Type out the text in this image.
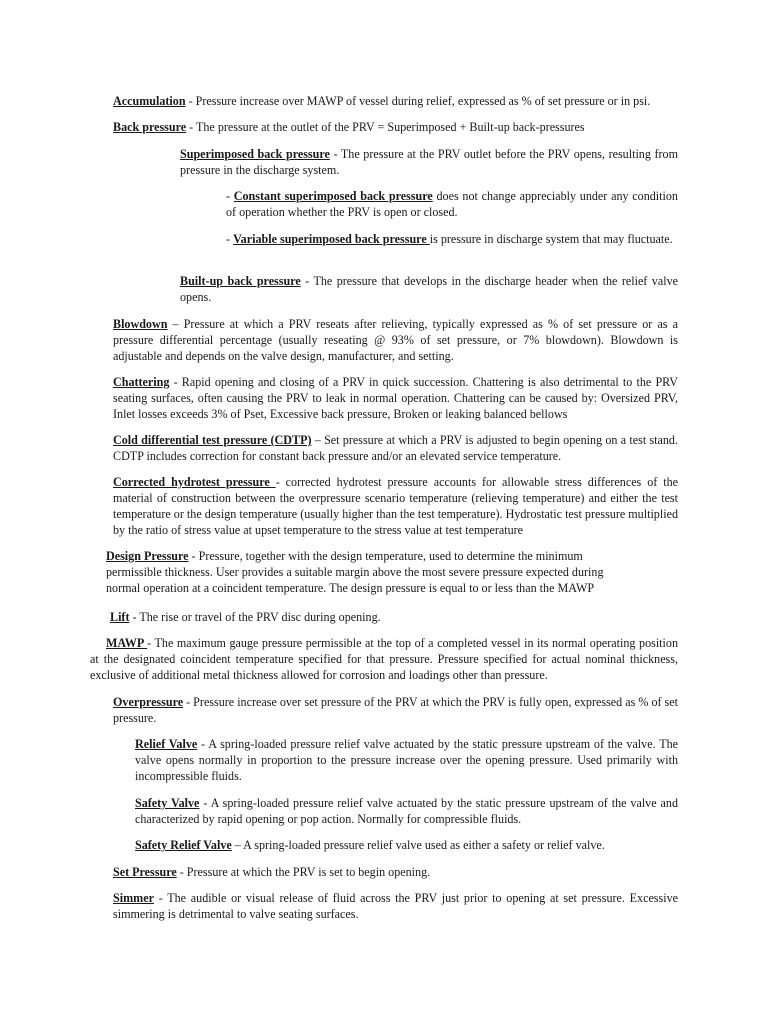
Accumulation - Pressure increase over MAWP of vessel during relief, expressed as % of set pressure or in psi.

Back pressure - The pressure at the outlet of the PRV = Superimposed + Built-up back-pressures

Superimposed back pressure - The pressure at the PRV outlet before the PRV opens, resulting from pressure in the discharge system.

- Constant superimposed back pressure does not change appreciably under any condition of operation whether the PRV is open or closed.

- Variable superimposed back pressure is pressure in discharge system that may fluctuate.

Built-up back pressure - The pressure that develops in the discharge header when the relief valve opens.

Blowdown – Pressure at which a PRV reseats after relieving, typically expressed as % of set pressure or as a pressure differential percentage (usually reseating @ 93% of set pressure, or 7% blowdown). Blowdown is adjustable and depends on the valve design, manufacturer, and setting.

Chattering - Rapid opening and closing of a PRV in quick succession. Chattering is also detrimental to the PRV seating surfaces, often causing the PRV to leak in normal operation. Chattering can be caused by: Oversized PRV, Inlet losses exceeds 3% of Pset, Excessive back pressure, Broken or leaking balanced bellows

Cold differential test pressure (CDTP) – Set pressure at which a PRV is adjusted to begin opening on a test stand. CDTP includes correction for constant back pressure and/or an elevated service temperature.

Corrected hydrotest pressure - corrected hydrotest pressure accounts for allowable stress differences of the material of construction between the overpressure scenario temperature (relieving temperature) and either the test temperature or the design temperature (usually higher than the test temperature). Hydrostatic test pressure multiplied by the ratio of stress value at upset temperature to the stress value at test temperature

Design Pressure - Pressure, together with the design temperature, used to determine the minimum permissible thickness. User provides a suitable margin above the most severe pressure expected during normal operation at a coincident temperature. The design pressure is equal to or less than the MAWP

Lift - The rise or travel of the PRV disc during opening.

MAWP - The maximum gauge pressure permissible at the top of a completed vessel in its normal operating position at the designated coincident temperature specified for that pressure. Pressure specified for actual nominal thickness, exclusive of additional metal thickness allowed for corrosion and loadings other than pressure.

Overpressure - Pressure increase over set pressure of the PRV at which the PRV is fully open, expressed as % of set pressure.

Relief Valve - A spring-loaded pressure relief valve actuated by the static pressure upstream of the valve. The valve opens normally in proportion to the pressure increase over the opening pressure. Used primarily with incompressible fluids.

Safety Valve - A spring-loaded pressure relief valve actuated by the static pressure upstream of the valve and characterized by rapid opening or pop action. Normally for compressible fluids.

Safety Relief Valve – A spring-loaded pressure relief valve used as either a safety or relief valve.

Set Pressure - Pressure at which the PRV is set to begin opening.

Simmer - The audible or visual release of fluid across the PRV just prior to opening at set pressure. Excessive simmering is detrimental to valve seating surfaces.
